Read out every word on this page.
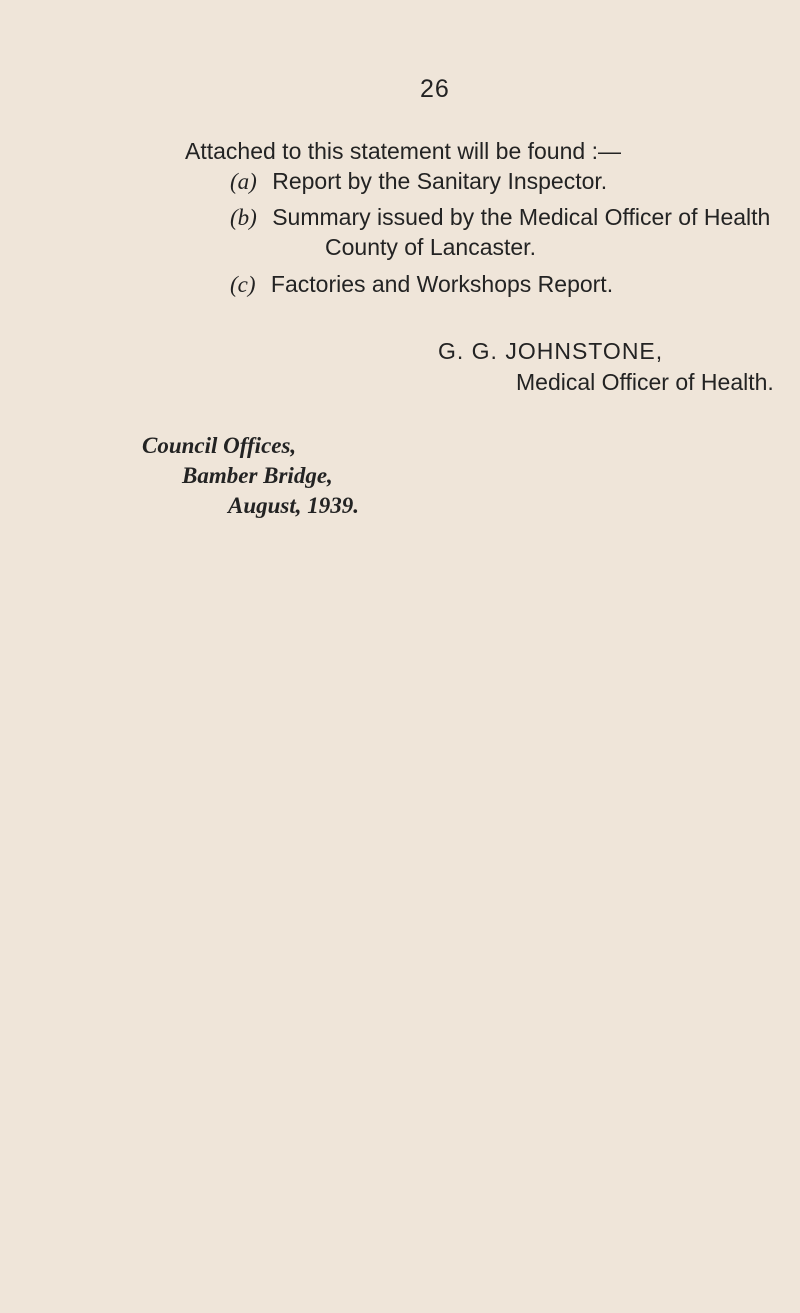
26
Attached to this statement will be found :—
(a) Report by the Sanitary Inspector.
(b) Summary issued by the Medical Officer of Health
County of Lancaster.
(c) Factories and Workshops Report.
G. G. JOHNSTONE,
Medical Officer of Health.
Council Offices,
Bamber Bridge,
August, 1939.
